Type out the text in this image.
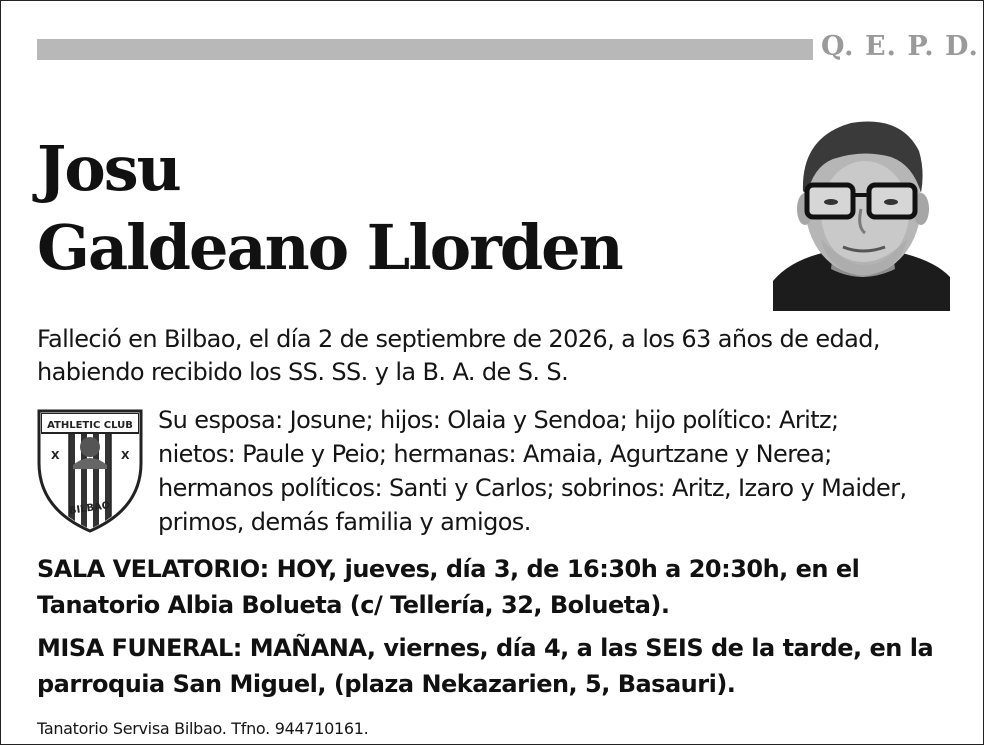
Q. E. P. D.
Josu
Galdeano Llorden

Falleció en Bilbao, el día 2 de septiembre de 2026, a los 63 años de edad,
habiendo recibido los SS. SS. y la B. A. de S. S.

ATHLETIC CLUB
X	X
BILBAO

Su esposa: Josune; hijos: Olaia y Sendoa; hijo político: Aritz;
nietos: Paule y Peio; hermanas: Amaia, Agurtzane y Nerea;
hermanos políticos: Santi y Carlos; sobrinos: Aritz, Izaro y Maider,
primos, demás familia y amigos.

SALA VELATORIO: HOY, jueves, día 3, de 16:30h a 20:30h, en el
Tanatorio Albia Bolueta (c/ Tellería, 32, Bolueta).

MISA FUNERAL: MAÑANA, viernes, día 4, a las SEIS de la tarde, en la
parroquia San Miguel, (plaza Nekazarien, 5, Basauri).

Tanatorio Servisa Bilbao. Tfno. 944710161.
